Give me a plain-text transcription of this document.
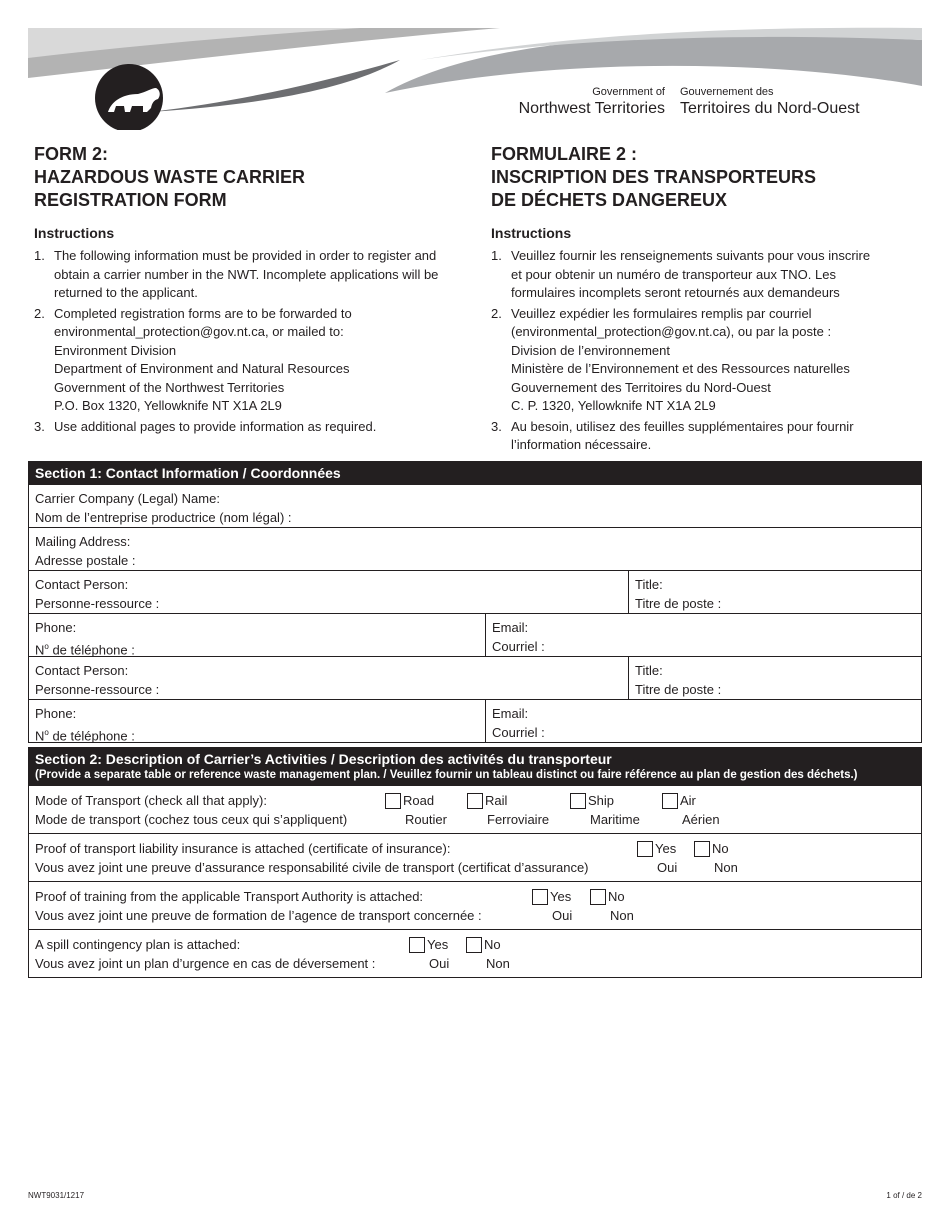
Government of
Northwest Territories
Gouvernement des
Territoires du Nord-Ouest
FORM 2:
HAZARDOUS WASTE CARRIER
REGISTRATION FORM
Instructions
1. The following information must be provided in order to register and
obtain a carrier number in the NWT. Incomplete applications will be
returned to the applicant.
2. Completed registration forms are to be forwarded to
environmental_protection@gov.nt.ca, or mailed to:
Environment Division
Department of Environment and Natural Resources
Government of the Northwest Territories
P.O. Box 1320, Yellowknife NT X1A 2L9
3. Use additional pages to provide information as required.
FORMULAIRE 2 :
INSCRIPTION DES TRANSPORTEURS
DE DÉCHETS DANGEREUX
Instructions
1. Veuillez fournir les renseignements suivants pour vous inscrire
et pour obtenir un numéro de transporteur aux TNO. Les
formulaires incomplets seront retournés aux demandeurs
2. Veuillez expédier les formulaires remplis par courriel
(environmental_protection@gov.nt.ca), ou par la poste :
Division de l’environnement
Ministère de l’Environnement et des Ressources naturelles
Gouvernement des Territoires du Nord-Ouest
C. P. 1320, Yellowknife NT X1A 2L9
3. Au besoin, utilisez des feuilles supplémentaires pour fournir
l’information nécessaire.
Section 1: Contact Information / Coordonnées
Carrier Company (Legal) Name:
Nom de l’entreprise productrice (nom légal) :
Mailing Address:
Adresse postale :
Contact Person:
Personne-ressource :
Title:
Titre de poste :
Phone:
$N^o$ de téléphone :
Email:
Courriel :
Contact Person:
Personne-ressource :
Title:
Titre de poste :
Phone:
$N^o$ de téléphone :
Email:
Courriel :
Section 2: Description of Carrier’s Activities / Description des activités du transporteur
(Provide a separate table or reference waste management plan. / Veuillez fournir un tableau distinct ou faire référence au plan de gestion des déchets.)
Mode of Transport (check all that apply):
Mode de transport (cochez tous ceux qui s’appliquent)
Road
Routier
Rail
Ferroviaire
Ship
Maritime
Air
Aérien
Proof of transport liability insurance is attached (certificate of insurance):
Vous avez joint une preuve d’assurance responsabilité civile de transport (certificat d’assurance)
Yes
Oui
No
Non
Proof of training from the applicable Transport Authority is attached:
Vous avez joint une preuve de formation de l’agence de transport concernée :
Yes
Oui
No
Non
A spill contingency plan is attached:
Vous avez joint un plan d’urgence en cas de déversement :
Yes
Oui
No
Non
NWT9031/1217	1 of / de 2
